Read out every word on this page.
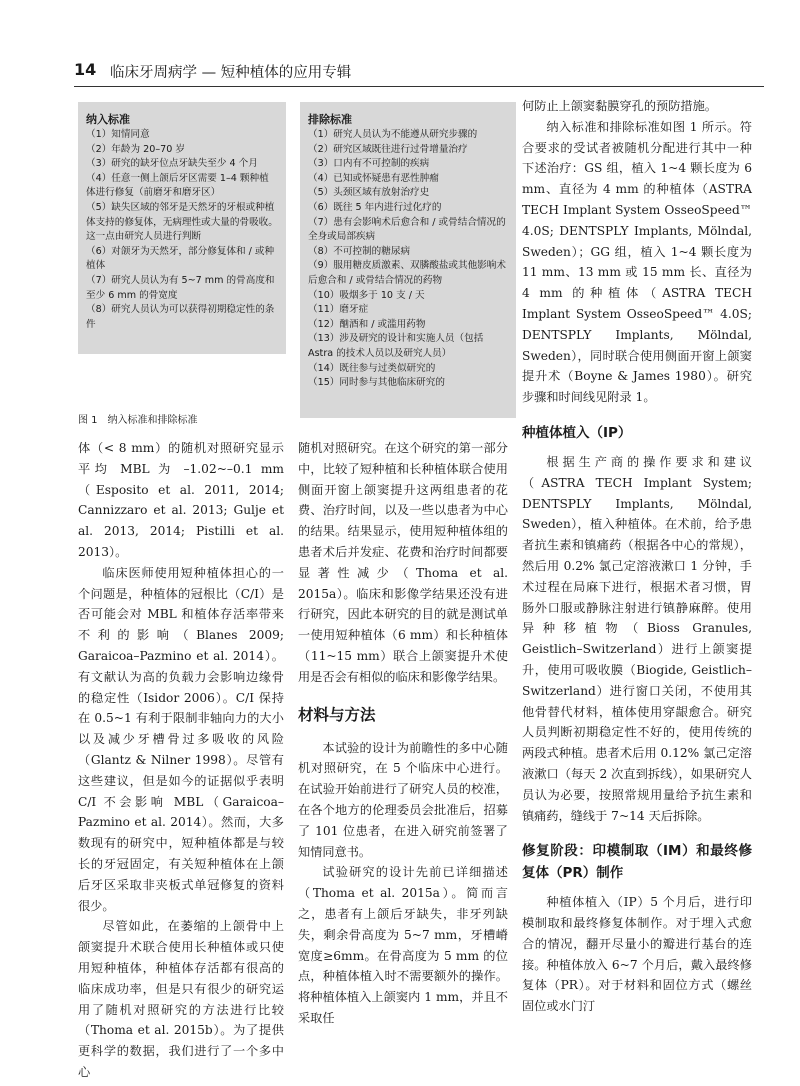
14 临床牙周病学 — 短种植体的应用专辑
纳入标准

（1）知情同意

（2）年龄为 20–70 岁

（3）研究的缺牙位点牙缺失至少 4 个月

（4）任意一侧上颌后牙区需要 1–4 颗种植体进行修复（前磨牙和磨牙区）

（5）缺失区域的邻牙是天然牙的牙根或种植体支持的修复体，无病理性或大量的骨吸收。这一点由研究人员进行判断

（6）对颌牙为天然牙，部分修复体和 / 或种植体

（7）研究人员认为有 5~7 mm 的骨高度和至少 6 mm 的骨宽度

（8）研究人员认为可以获得初期稳定性的条件

排除标准

（1）研究人员认为不能遵从研究步骤的

（2）研究区域既往进行过骨增量治疗

（3）口内有不可控制的疾病

（4）已知或怀疑患有恶性肿瘤

（5）头颈区域有放射治疗史

（6）既往 5 年内进行过化疗的

（7）患有会影响术后愈合和 / 或骨结合情况的全身或局部疾病

（8）不可控制的糖尿病

（9）服用糖皮质激素、双膦酸盐或其他影响术后愈合和 / 或骨结合情况的药物

（10）吸烟多于 10 支 / 天

（11）磨牙症

（12）酗酒和 / 或滥用药物

（13）涉及研究的设计和实施人员（包括 Astra 的技术人员以及研究人员）

（14）既往参与过类似研究的

（15）同时参与其他临床研究的

图 1　纳入标准和排除标准

体（< 8 mm）的随机对照研究显示平均 MBL 为 –1.02~–0.1 mm（Esposito et al. 2011, 2014; Cannizzaro et al. 2013; Gulje et al. 2013, 2014; Pistilli et al. 2013）。

临床医师使用短种植体担心的一个问题是，种植体的冠根比（C/I）是否可能会对 MBL 和植体存活率带来不利的影响（Blanes 2009; Garaicoa–Pazmino et al. 2014）。有文献认为高的负载力会影响边缘骨的稳定性（Isidor 2006）。C/I 保持在 0.5~1 有利于限制非轴向力的大小以及减少牙槽骨过多吸收的风险（Glantz & Nilner 1998）。尽管有这些建议，但是如今的证据似乎表明 C/I 不会影响 MBL（Garaicoa–Pazmino et al. 2014）。然而，大多数现有的研究中，短种植体都是与较长的牙冠固定，有关短种植体在上颌后牙区采取非夹板式单冠修复的资料很少。

尽管如此，在萎缩的上颌骨中上颌窦提升术联合使用长种植体或只使用短种植体，种植体存活都有很高的临床成功率，但是只有很少的研究运用了随机对照研究的方法进行比较（Thoma et al. 2015b）。为了提供更科学的数据，我们进行了一个多中心

随机对照研究。在这个研究的第一部分中，比较了短种植和长种植体联合使用侧面开窗上颌窦提升这两组患者的花费、治疗时间，以及一些以患者为中心的结果。结果显示，使用短种植体组的患者术后并发症、花费和治疗时间都要显著性减少（Thoma et al. 2015a）。临床和影像学结果还没有进行研究，因此本研究的目的就是测试单一使用短种植体（6 mm）和长种植体（11~15 mm）联合上颌窦提升术使用是否会有相似的临床和影像学结果。

材料与方法

本试验的设计为前瞻性的多中心随机对照研究，在 5 个临床中心进行。在试验开始前进行了研究人员的校准，在各个地方的伦理委员会批准后，招募了 101 位患者，在进入研究前签署了知情同意书。

试验研究的设计先前已详细描述（Thoma et al. 2015a）。简而言之，患者有上颌后牙缺失，非牙列缺失，剩余骨高度为 5~7 mm，牙槽嵴宽度≥6mm。在骨高度为 5 mm 的位点，种植体植入时不需要额外的操作。将种植体植入上颌窦内 1 mm，并且不采取任

何防止上颌窦黏膜穿孔的预防措施。

纳入标准和排除标准如图 1 所示。符合要求的受试者被随机分配进行其中一种下述治疗：GS 组，植入 1~4 颗长度为 6 mm、直径为 4 mm 的种植体（ASTRA TECH Implant System OsseoSpeed™ 4.0S; DENTSPLY Implants, Mölndal, Sweden）；GG 组，植入 1~4 颗长度为 11 mm、13 mm 或 15 mm 长、直径为 4 mm 的种植体（ASTRA TECH Implant System OsseoSpeed™ 4.0S; DENTSPLY Implants, Mölndal, Sweden），同时联合使用侧面开窗上颌窦提升术（Boyne & James 1980）。研究步骤和时间线见附录 1。

种植体植入（IP）

根据生产商的操作要求和建议（ASTRA TECH Implant System; DENTSPLY Implants, Mölndal, Sweden），植入种植体。在术前，给予患者抗生素和镇痛药（根据各中心的常规），然后用 0.2% 氯己定溶液漱口 1 分钟，手术过程在局麻下进行，根据术者习惯，胃肠外口服或静脉注射进行镇静麻醉。使用异种移植物（Bioss Granules, Geistlich–Switzerland）进行上颌窦提升，使用可吸收膜（Biogide, Geistlich–Switzerland）进行窗口关闭，不使用其他骨替代材料，植体使用穿龈愈合。研究人员判断初期稳定性不好的，使用传统的两段式种植。患者术后用 0.12% 氯己定溶液漱口（每天 2 次直到拆线），如果研究人员认为必要，按照常规用量给予抗生素和镇痛药，缝线于 7~14 天后拆除。

修复阶段：印模制取（IM）和最终修复体（PR）制作

种植体植入（IP）5 个月后，进行印模制取和最终修复体制作。对于埋入式愈合的情况，翻开尽量小的瓣进行基台的连接。种植体放入 6~7 个月后，戴入最终修复体（PR）。对于材料和固位方式（螺丝固位或水门汀
